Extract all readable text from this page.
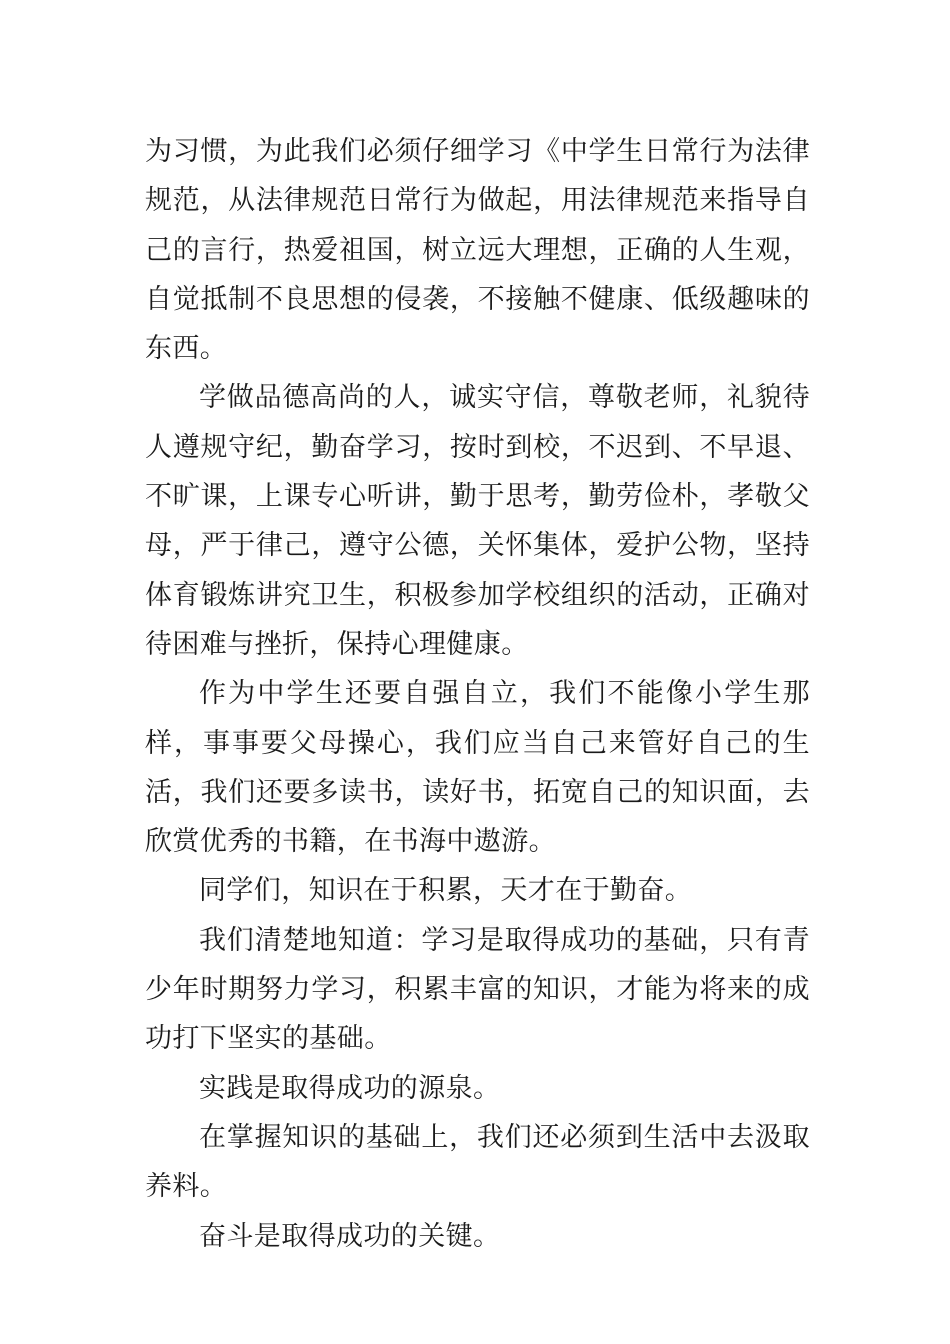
为习惯，为此我们必须仔细学习《中学生日常行为法律规范，从法律规范日常行为做起，用法律规范来指导自己的言行，热爱祖国，树立远大理想，正确的人生观，自觉抵制不良思想的侵袭，不接触不健康、低级趣味的东西。

学做品德高尚的人，诚实守信，尊敬老师，礼貌待人遵规守纪，勤奋学习，按时到校，不迟到、不早退、不旷课，上课专心听讲，勤于思考，勤劳俭朴，孝敬父母，严于律己，遵守公德，关怀集体，爱护公物，坚持体育锻炼讲究卫生，积极参加学校组织的活动，正确对待困难与挫折，保持心理健康。

作为中学生还要自强自立，我们不能像小学生那样，事事要父母操心，我们应当自己来管好自己的生活，我们还要多读书，读好书，拓宽自己的知识面，去欣赏优秀的书籍，在书海中遨游。

同学们，知识在于积累，天才在于勤奋。

我们清楚地知道：学习是取得成功的基础，只有青少年时期努力学习，积累丰富的知识，才能为将来的成功打下坚实的基础。

实践是取得成功的源泉。

在掌握知识的基础上，我们还必须到生活中去汲取养料。

奋斗是取得成功的关键。
